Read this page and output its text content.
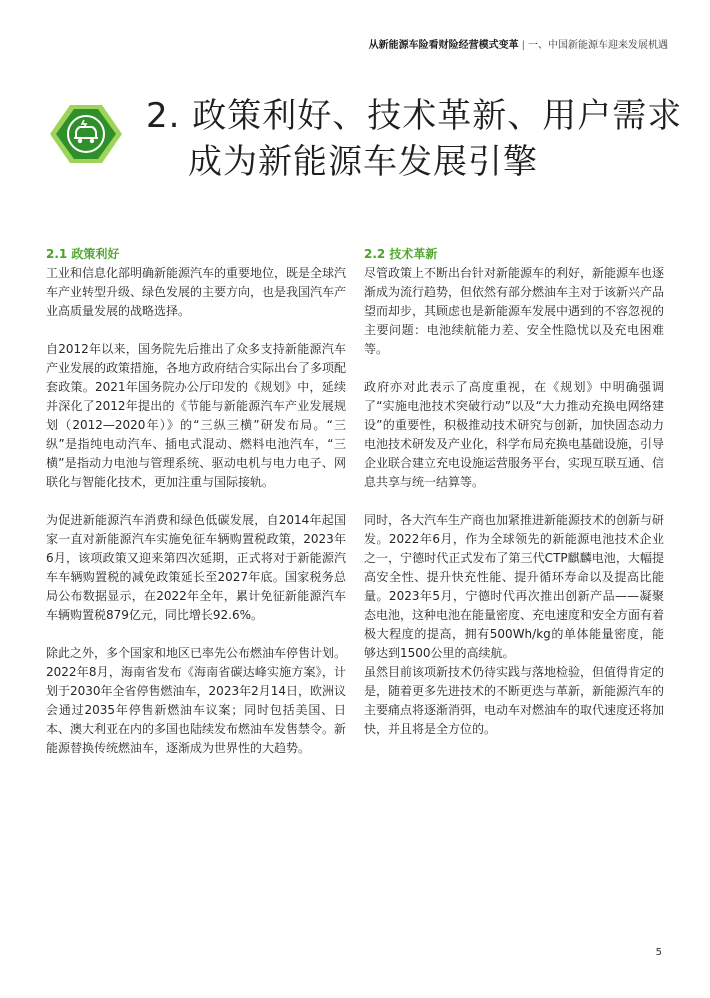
从新能源车险看财险经营模式变革 | 一、中国新能源车迎来发展机遇
2. 政策利好、技术革新、用户需求
成为新能源车发展引擎
2.1 政策利好

工业和信息化部明确新能源汽车的重要地位，既是全球汽车产业转型升级、绿色发展的主要方向，也是我国汽车产业高质量发展的战略选择。

自2012年以来，国务院先后推出了众多支持新能源汽车产业发展的政策措施，各地方政府结合实际出台了多项配套政策。2021年国务院办公厅印发的《规划》中，延续并深化了2012年提出的《节能与新能源汽车产业发展规划（2012—2020年）》的“三纵三横”研发布局。“三纵”是指纯电动汽车、插电式混动、燃料电池汽车，“三横”是指动力电池与管理系统、驱动电机与电力电子、网联化与智能化技术，更加注重与国际接轨。

为促进新能源汽车消费和绿色低碳发展，自2014年起国家一直对新能源汽车实施免征车辆购置税政策，2023年6月，该项政策又迎来第四次延期，正式将对于新能源汽车车辆购置税的减免政策延长至2027年底。国家税务总局公布数据显示，在2022年全年，累计免征新能源汽车车辆购置税879亿元，同比增长92.6%。

除此之外，多个国家和地区已率先公布燃油车停售计划。2022年8月，海南省发布《海南省碳达峰实施方案》，计划于2030年全省停售燃油车，2023年2月14日，欧洲议会通过2035年停售新燃油车议案；同时包括美国、日本、澳大利亚在内的多国也陆续发布燃油车发售禁令。新能源替换传统燃油车，逐渐成为世界性的大趋势。

2.2 技术革新

尽管政策上不断出台针对新能源车的利好，新能源车也逐渐成为流行趋势，但依然有部分燃油车主对于该新兴产品望而却步，其顾虑也是新能源车发展中遇到的不容忽视的主要问题：电池续航能力差、安全性隐忧以及充电困难等。

政府亦对此表示了高度重视，在《规划》中明确强调了“实施电池技术突破行动”以及“大力推动充换电网络建设”的重要性，积极推动技术研究与创新，加快固态动力电池技术研发及产业化，科学布局充换电基础设施，引导企业联合建立充电设施运营服务平台，实现互联互通、信息共享与统一结算等。

同时，各大汽车生产商也加紧推进新能源技术的创新与研发。2022年6月，作为全球领先的新能源电池技术企业之一，宁德时代正式发布了第三代CTP麒麟电池，大幅提高安全性、提升快充性能、提升循环寿命以及提高比能量。2023年5月，宁德时代再次推出创新产品——凝聚态电池，这种电池在能量密度、充电速度和安全方面有着极大程度的提高，拥有500Wh/kg的单体能量密度，能够达到1500公里的高续航。

虽然目前该项新技术仍待实践与落地检验，但值得肯定的是，随着更多先进技术的不断更迭与革新，新能源汽车的主要痛点将逐渐消弭，电动车对燃油车的取代速度还将加快，并且将是全方位的。

5
